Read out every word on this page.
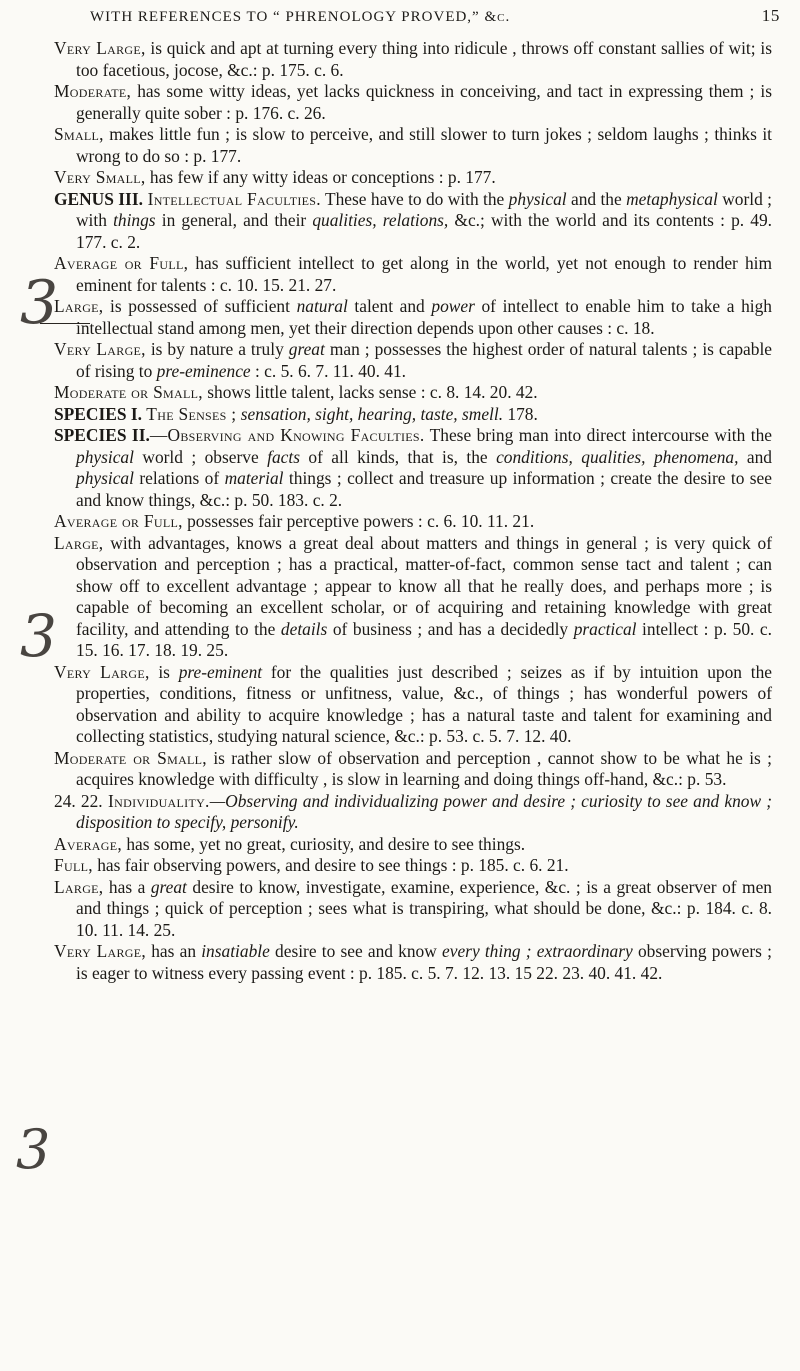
WITH REFERENCES TO “ PHRENOLOGY PROVED,” &c.	15
3
3
3

Very Large, is quick and apt at turning every thing into ridicule , throws off constant sallies of wit; is too facetious, jocose, &c.: p. 175. c. 6.

Moderate, has some witty ideas, yet lacks quickness in conceiving, and tact in expressing them ; is generally quite sober : p. 176. c. 26.

Small, makes little fun ; is slow to perceive, and still slower to turn jokes ; seldom laughs ; thinks it wrong to do so : p. 177.

Very Small, has few if any witty ideas or conceptions : p. 177.

GENUS III. Intellectual Faculties. These have to do with the physical and the metaphysical world ; with things in general, and their qualities, relations, &c.; with the world and its contents : p. 49. 177. c. 2.

Average or Full, has sufficient intellect to get along in the world, yet not enough to render him eminent for talents : c. 10. 15. 21. 27.

Large, is possessed of sufficient natural talent and power of intellect to enable him to take a high intellectual stand among men, yet their direction depends upon other causes : c. 18.

Very Large, is by nature a truly great man ; possesses the highest order of natural talents ; is capable of rising to pre-eminence : c. 5. 6. 7. 11. 40. 41.

Moderate or Small, shows little talent, lacks sense : c. 8. 14. 20. 42.

SPECIES I. The Senses ; sensation, sight, hearing, taste, smell. 178.

SPECIES II.—Observing and Knowing Faculties. These bring man into direct intercourse with the physical world ; observe facts of all kinds, that is, the conditions, qualities, phenomena, and physical relations of material things ; collect and treasure up information ; create the desire to see and know things, &c.: p. 50. 183. c. 2.

Average or Full, possesses fair perceptive powers : c. 6. 10. 11. 21.

Large, with advantages, knows a great deal about matters and things in general ; is very quick of observation and perception ; has a practical, matter-of-fact, common sense tact and talent ; can show off to excellent advantage ; appear to know all that he really does, and perhaps more ; is capable of becoming an excellent scholar, or of acquiring and retaining knowledge with great facility, and attending to the details of business ; and has a decidedly practical intellect : p. 50. c. 15. 16. 17. 18. 19. 25.

Very Large, is pre-eminent for the qualities just described ; seizes as if by intuition upon the properties, conditions, fitness or unfitness, value, &c., of things ; has wonderful powers of observation and ability to acquire knowledge ; has a natural taste and talent for examining and collecting statistics, studying natural science, &c.: p. 53. c. 5. 7. 12. 40.

Moderate or Small, is rather slow of observation and perception , cannot show to be what he is ; acquires knowledge with difficulty , is slow in learning and doing things off-hand, &c.: p. 53.

24. 22. Individuality.—Observing and individualizing power and desire ; curiosity to see and know ; disposition to specify, personify.

Average, has some, yet no great, curiosity, and desire to see things.

Full, has fair observing powers, and desire to see things : p. 185. c. 6. 21.

Large, has a great desire to know, investigate, examine, experience, &c. ; is a great observer of men and things ; quick of perception ; sees what is transpiring, what should be done, &c.: p. 184. c. 8. 10. 11. 14. 25.

Very Large, has an insatiable desire to see and know every thing ; extraordinary observing powers ; is eager to witness every passing event : p. 185. c. 5. 7. 12. 13. 15 22. 23. 40. 41. 42.
